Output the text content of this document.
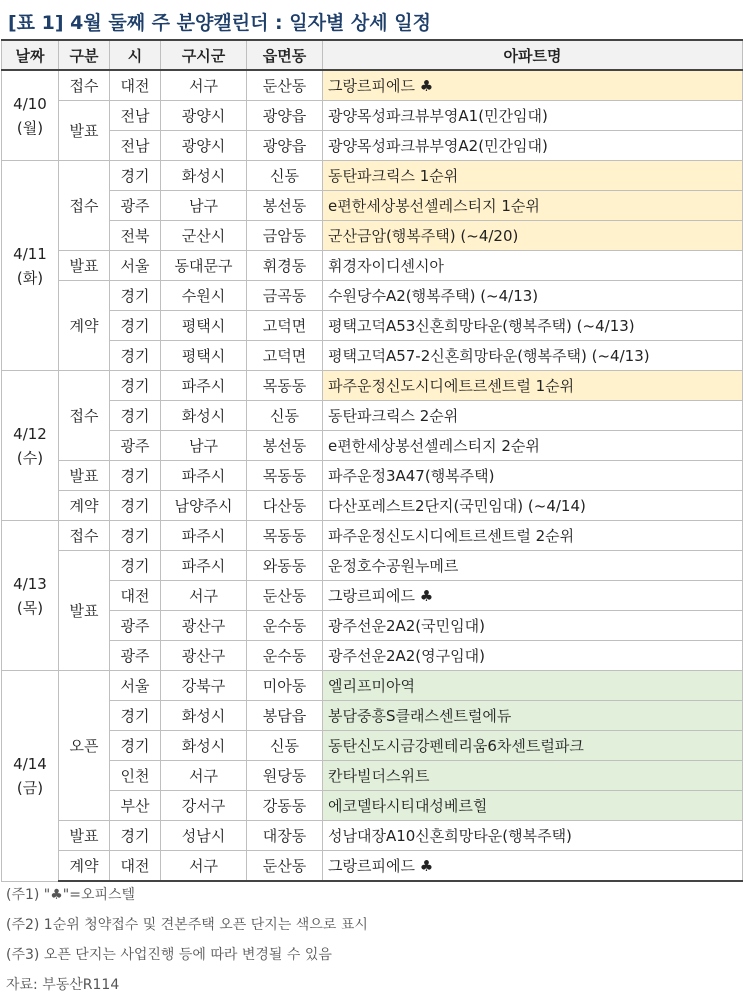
[표 1] 4월 둘째 주 분양캘린더 : 일자별 상세 일정
날짜	구분	시	구시군	읍면동	아파트명
4/10
(월)	접수	대전	서구	둔산동	그랑르피에드 ♣
	발표	전남	광양시	광양읍	광양목성파크뷰부영A1(민간임대)
		전남	광양시	광양읍	광양목성파크뷰부영A2(민간임대)
4/11
(화)	접수	경기	화성시	신동	동탄파크릭스 1순위
		광주	남구	봉선동	e편한세상봉선셀레스티지 1순위
		전북	군산시	금암동	군산금암(행복주택) (~4/20)
	발표	서울	동대문구	휘경동	휘경자이디센시아
	계약	경기	수원시	금곡동	수원당수A2(행복주택) (~4/13)
		경기	평택시	고덕면	평택고덕A53신혼희망타운(행복주택) (~4/13)
		경기	평택시	고덕면	평택고덕A57-2신혼희망타운(행복주택) (~4/13)
4/12
(수)	접수	경기	파주시	목동동	파주운정신도시디에트르센트럴 1순위
		경기	화성시	신동	동탄파크릭스 2순위
		광주	남구	봉선동	e편한세상봉선셀레스티지 2순위
	발표	경기	파주시	목동동	파주운정3A47(행복주택)
	계약	경기	남양주시	다산동	다산포레스트2단지(국민임대) (~4/14)
4/13
(목)	접수	경기	파주시	목동동	파주운정신도시디에트르센트럴 2순위
	발표	경기	파주시	와동동	운정호수공원누메르
		대전	서구	둔산동	그랑르피에드 ♣
		광주	광산구	운수동	광주선운2A2(국민임대)
		광주	광산구	운수동	광주선운2A2(영구임대)
4/14
(금)	오픈	서울	강북구	미아동	엘리프미아역
		경기	화성시	봉담읍	봉담중흥S클래스센트럴에듀
		경기	화성시	신동	동탄신도시금강펜테리움6차센트럴파크
		인천	서구	원당동	칸타빌더스위트
		부산	강서구	강동동	에코델타시티대성베르힐
	발표	경기	성남시	대장동	성남대장A10신혼희망타운(행복주택)
	계약	대전	서구	둔산동	그랑르피에드 ♣
(주1) "♣"=오피스텔
(주2) 1순위 청약접수 및 견본주택 오픈 단지는 색으로 표시
(주3) 오픈 단지는 사업진행 등에 따라 변경될 수 있음
자료: 부동산R114
